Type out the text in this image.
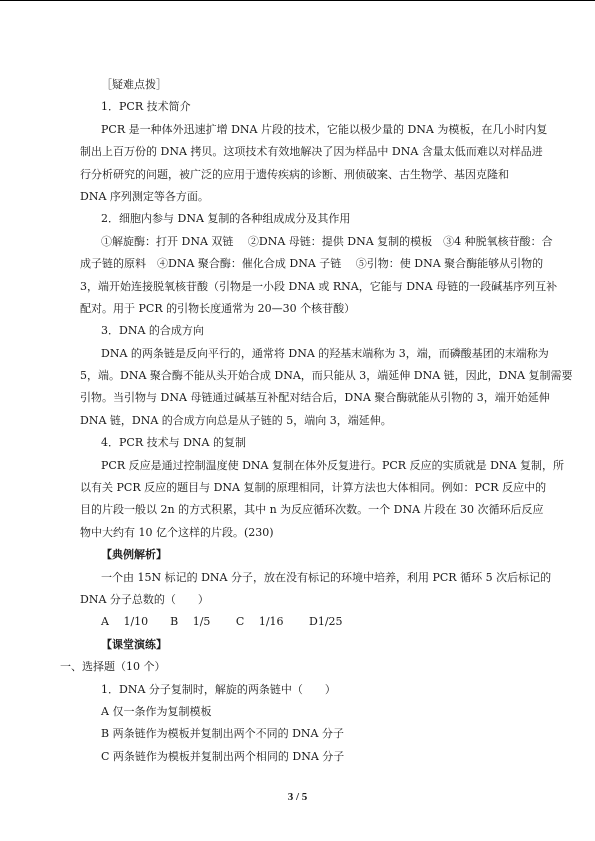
［疑难点拨］
1．PCR 技术简介
PCR 是一种体外迅速扩增 DNA 片段的技术，它能以极少量的 DNA 为模板，在几小时内复
制出上百万份的 DNA 拷贝。这项技术有效地解决了因为样品中 DNA 含量太低而难以对样品进
行分析研究的问题，被广泛的应用于遗传疾病的诊断、刑侦破案、古生物学、基因克隆和
DNA 序列测定等各方面。
2．细胞内参与 DNA 复制的各种组成成分及其作用
①解旋酶：打开 DNA 双链　 ②DNA 母链：提供 DNA 复制的模板　③4 种脱氧核苷酸：合
成子链的原料　④DNA 聚合酶：催化合成 DNA 子链　 ⑤引物：使 DNA 聚合酶能够从引物的
3，端开始连接脱氧核苷酸（引物是一小段 DNA 或 RNA，它能与 DNA 母链的一段碱基序列互补
配对。用于 PCR 的引物长度通常为 20—30 个核苷酸）
3．DNA 的合成方向
DNA 的两条链是反向平行的，通常将 DNA 的羟基末端称为 3，端，而磷酸基团的末端称为
5，端。DNA 聚合酶不能从头开始合成 DNA，而只能从 3，端延伸 DNA 链，因此，DNA 复制需要
引物。当引物与 DNA 母链通过碱基互补配对结合后，DNA 聚合酶就能从引物的 3，端开始延伸
DNA 链，DNA 的合成方向总是从子链的 5，端向 3，端延伸。
4．PCR 技术与 DNA 的复制
PCR 反应是通过控制温度使 DNA 复制在体外反复进行。PCR 反应的实质就是 DNA 复制，所
以有关 PCR 反应的题目与 DNA 复制的原理相同，计算方法也大体相同。例如：PCR 反应中的
目的片段一般以 2n 的方式积累，其中 n 为反应循环次数。一个 DNA 片段在 30 次循环后反应
物中大约有 10 亿个这样的片段。(230)
【典例解析】
一个由 15N 标记的 DNA 分子，放在没有标记的环境中培养，利用 PCR 循环 5 次后标记的
DNA 分子总数的（　　）
A　 1/10　　B　 1/5　　 C　 1/16　　 D1/25
【课堂演练】
一、选择题（10 个）
1．DNA 分子复制时，解旋的两条链中（　　）
A 仅一条作为复制模板
B 两条链作为模板并复制出两个不同的 DNA 分子
C 两条链作为模板并复制出两个相同的 DNA 分子
3 / 5
